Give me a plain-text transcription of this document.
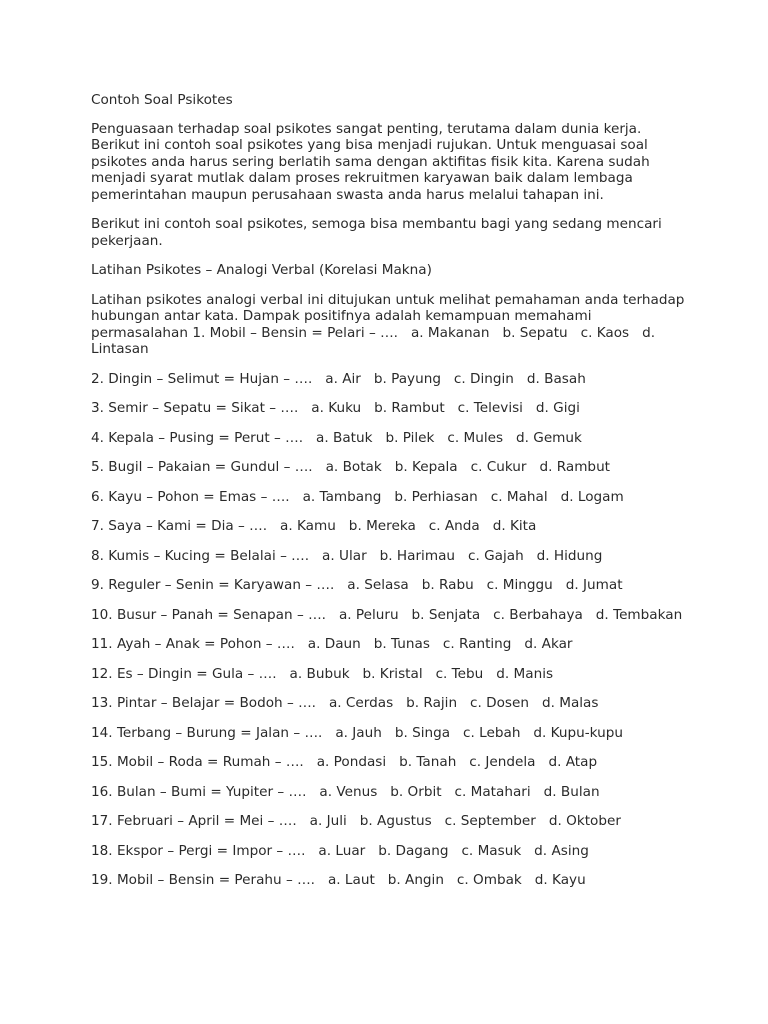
Contoh Soal Psikotes

Penguasaan terhadap soal psikotes sangat penting, terutama dalam dunia kerja. Berikut ini contoh soal psikotes yang bisa menjadi rujukan. Untuk menguasai soal psikotes anda harus sering berlatih sama dengan aktifitas fisik kita. Karena sudah menjadi syarat mutlak dalam proses rekruitmen karyawan baik dalam lembaga pemerintahan maupun perusahaan swasta anda harus melalui tahapan ini.

Berikut ini contoh soal psikotes, semoga bisa membantu bagi yang sedang mencari pekerjaan.

Latihan Psikotes – Analogi Verbal (Korelasi Makna)

Latihan psikotes analogi verbal ini ditujukan untuk melihat pemahaman anda terhadap hubungan antar kata. Dampak positifnya adalah kemampuan memahami permasalahan 1. Mobil – Bensin = Pelari – ….   a. Makanan   b. Sepatu   c. Kaos   d. Lintasan

2. Dingin – Selimut = Hujan – ….   a. Air   b. Payung   c. Dingin   d. Basah

3. Semir – Sepatu = Sikat – ….   a. Kuku   b. Rambut   c. Televisi   d. Gigi

4. Kepala – Pusing = Perut – ….   a. Batuk   b. Pilek   c. Mules   d. Gemuk

5. Bugil – Pakaian = Gundul – ….   a. Botak   b. Kepala   c. Cukur   d. Rambut

6. Kayu – Pohon = Emas – ….   a. Tambang   b. Perhiasan   c. Mahal   d. Logam

7. Saya – Kami = Dia – ….   a. Kamu   b. Mereka   c. Anda   d. Kita

8. Kumis – Kucing = Belalai – ….   a. Ular   b. Harimau   c. Gajah   d. Hidung

9. Reguler – Senin = Karyawan – ….   a. Selasa   b. Rabu   c. Minggu   d. Jumat

10. Busur – Panah = Senapan – ….   a. Peluru   b. Senjata   c. Berbahaya   d. Tembakan

11. Ayah – Anak = Pohon – ….   a. Daun   b. Tunas   c. Ranting   d. Akar

12. Es – Dingin = Gula – ….   a. Bubuk   b. Kristal   c. Tebu   d. Manis

13. Pintar – Belajar = Bodoh – ….   a. Cerdas   b. Rajin   c. Dosen   d. Malas

14. Terbang – Burung = Jalan – ….   a. Jauh   b. Singa   c. Lebah   d. Kupu-kupu

15. Mobil – Roda = Rumah – ….   a. Pondasi   b. Tanah   c. Jendela   d. Atap

16. Bulan – Bumi = Yupiter – ….   a. Venus   b. Orbit   c. Matahari   d. Bulan

17. Februari – April = Mei – ….   a. Juli   b. Agustus   c. September   d. Oktober

18. Ekspor – Pergi = Impor – ….   a. Luar   b. Dagang   c. Masuk   d. Asing

19. Mobil – Bensin = Perahu – ….   a. Laut   b. Angin   c. Ombak   d. Kayu
